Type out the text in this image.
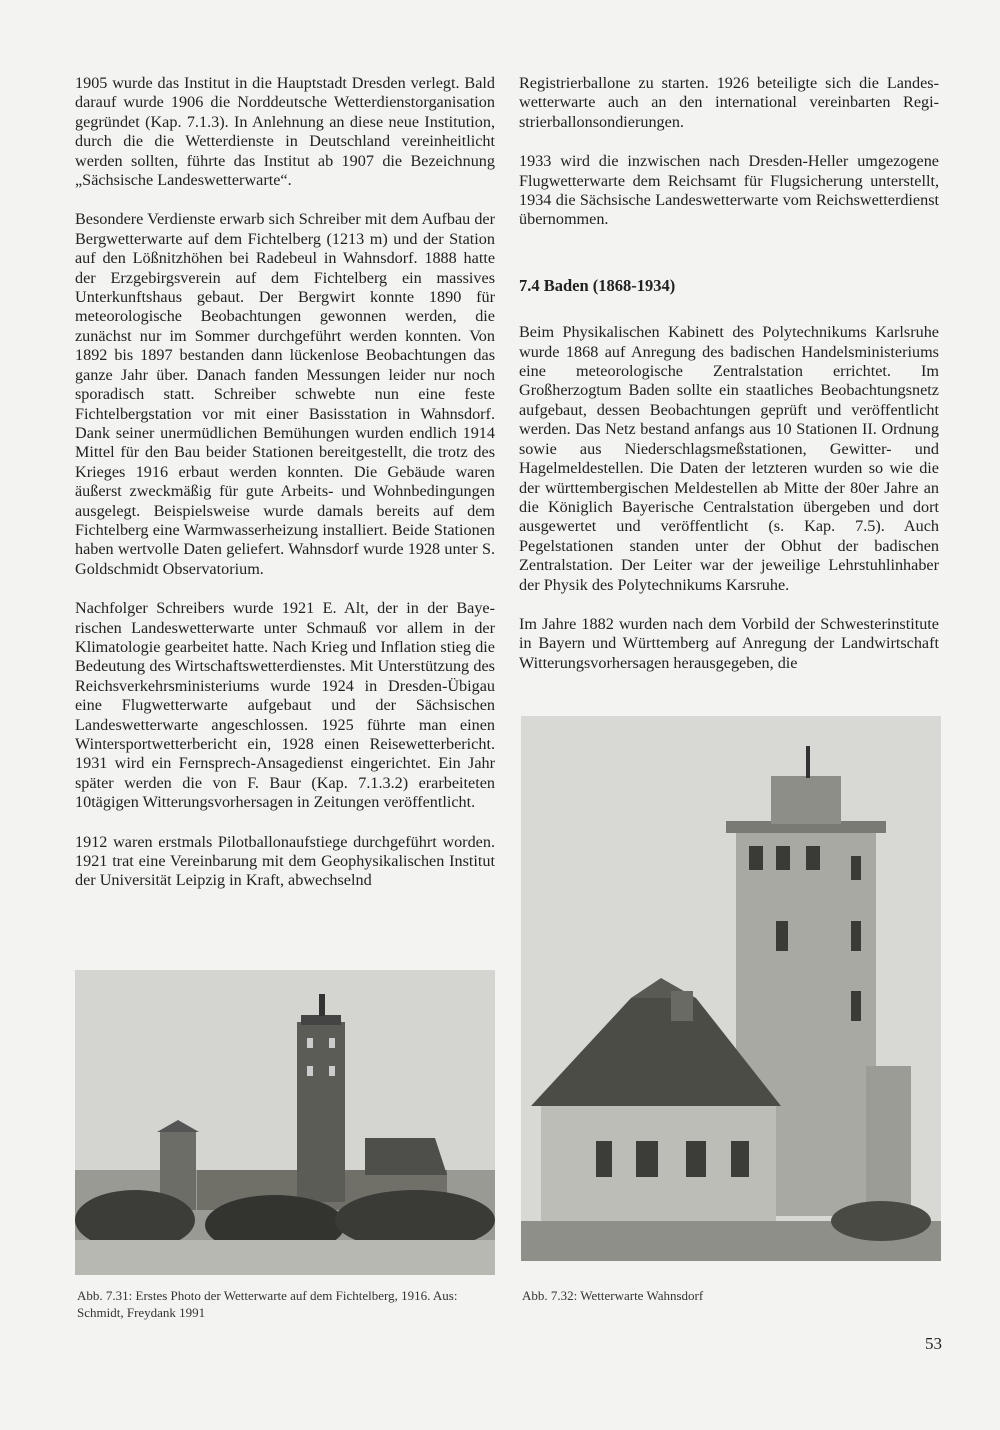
1905 wurde das Institut in die Hauptstadt Dresden verlegt. Bald darauf wurde 1906 die Norddeutsche Wetterdienstorganisation gegründet (Kap. 7.1.3). In Anlehnung an diese neue Institution, durch die die Wetterdienste in Deutschland vereinheitlicht werden sollten, führte das Institut ab 1907 die Bezeichnung „Sächsische Landeswetterwarte“.

Besondere Verdienste erwarb sich Schreiber mit dem Aufbau der Bergwetterwarte auf dem Fichtelberg (1213 m) und der Station auf den Lößnitzhöhen bei Radebeul in Wahnsdorf. 1888 hatte der Erzgebirgsverein auf dem Fichtelberg ein massives Unterkunftshaus gebaut. Der Bergwirt konnte 1890 für meteorologische Beobachtungen gewonnen werden, die zunächst nur im Sommer durchgeführt werden konnten. Von 1892 bis 1897 bestanden dann lückenlose Beobachtungen das ganze Jahr über. Danach fanden Messungen leider nur noch sporadisch statt. Schreiber schwebte nun eine feste Fichtelbergstation vor mit einer Basisstation in Wahnsdorf. Dank seiner unermüdlichen Bemühungen wurden endlich 1914 Mittel für den Bau beider Stationen bereitgestellt, die trotz des Krieges 1916 erbaut werden konnten. Die Gebäude waren äußerst zweckmäßig für gute Arbeits- und Wohnbedingungen ausgelegt. Beispielsweise wurde damals bereits auf dem Fichtelberg eine Warmwasserheizung installiert. Beide Stationen haben wertvolle Daten geliefert. Wahnsdorf wurde 1928 unter S. Goldschmidt Observatorium.

Nachfolger Schreibers wurde 1921 E. Alt, der in der Bayerischen Landeswetterwarte unter Schmauß vor allem in der Klimatologie gearbeitet hatte. Nach Krieg und Inflation stieg die Bedeutung des Wirtschaftswetterdienstes. Mit Unterstützung des Reichsverkehrsministeriums wurde 1924 in Dresden-Übigau eine Flugwetterwarte aufgebaut und der Sächsischen Landeswetterwarte angeschlossen. 1925 führte man einen Wintersportwetterbericht ein, 1928 einen Reisewetterbericht. 1931 wird ein Fernsprech-Ansagedienst eingerichtet. Ein Jahr später werden die von F. Baur (Kap. 7.1.3.2) erarbeiteten 10tägigen Witterungsvorhersagen in Zeitungen veröffentlicht.

1912 waren erstmals Pilotballonaufstiege durchgeführt worden. 1921 trat eine Vereinbarung mit dem Geophysikalischen Institut der Universität Leipzig in Kraft, abwechselnd

Registrierballone zu starten. 1926 beteiligte sich die Landeswetterwarte auch an den international vereinbarten Registrierballonsondierungen.

1933 wird die inzwischen nach Dresden-Heller umgezogene Flugwetterwarte dem Reichsamt für Flugsicherung unterstellt, 1934 die Sächsische Landeswetterwarte vom Reichswetterdienst übernommen.

7.4 Baden (1868-1934)

Beim Physikalischen Kabinett des Polytechnikums Karlsruhe wurde 1868 auf Anregung des badischen Handelsministeriums eine meteorologische Zentralstation errichtet. Im Großherzogtum Baden sollte ein staatliches Beobachtungsnetz aufgebaut, dessen Beobachtungen geprüft und veröffentlicht werden. Das Netz bestand anfangs aus 10 Stationen II. Ordnung sowie aus Niederschlagsmeßstationen, Gewitter- und Hagelmeldestellen. Die Daten der letzteren wurden so wie die der württembergischen Meldestellen ab Mitte der 80er Jahre an die Königlich Bayerische Centralstation übergeben und dort ausgewertet und veröffentlicht (s. Kap. 7.5). Auch Pegelstationen standen unter der Obhut der badischen Zentralstation. Der Leiter war der jeweilige Lehrstuhlinhaber der Physik des Polytechnikums Karsruhe.

Im Jahre 1882 wurden nach dem Vorbild der Schwesterinstitute in Bayern und Württemberg auf Anregung der Landwirtschaft Witterungsvorhersagen herausgegeben, die

Abb. 7.31: Erstes Photo der Wetterwarte auf dem Fichtelberg, 1916. Aus: Schmidt, Freydank 1991
Abb. 7.32: Wetterwarte Wahnsdorf
53
